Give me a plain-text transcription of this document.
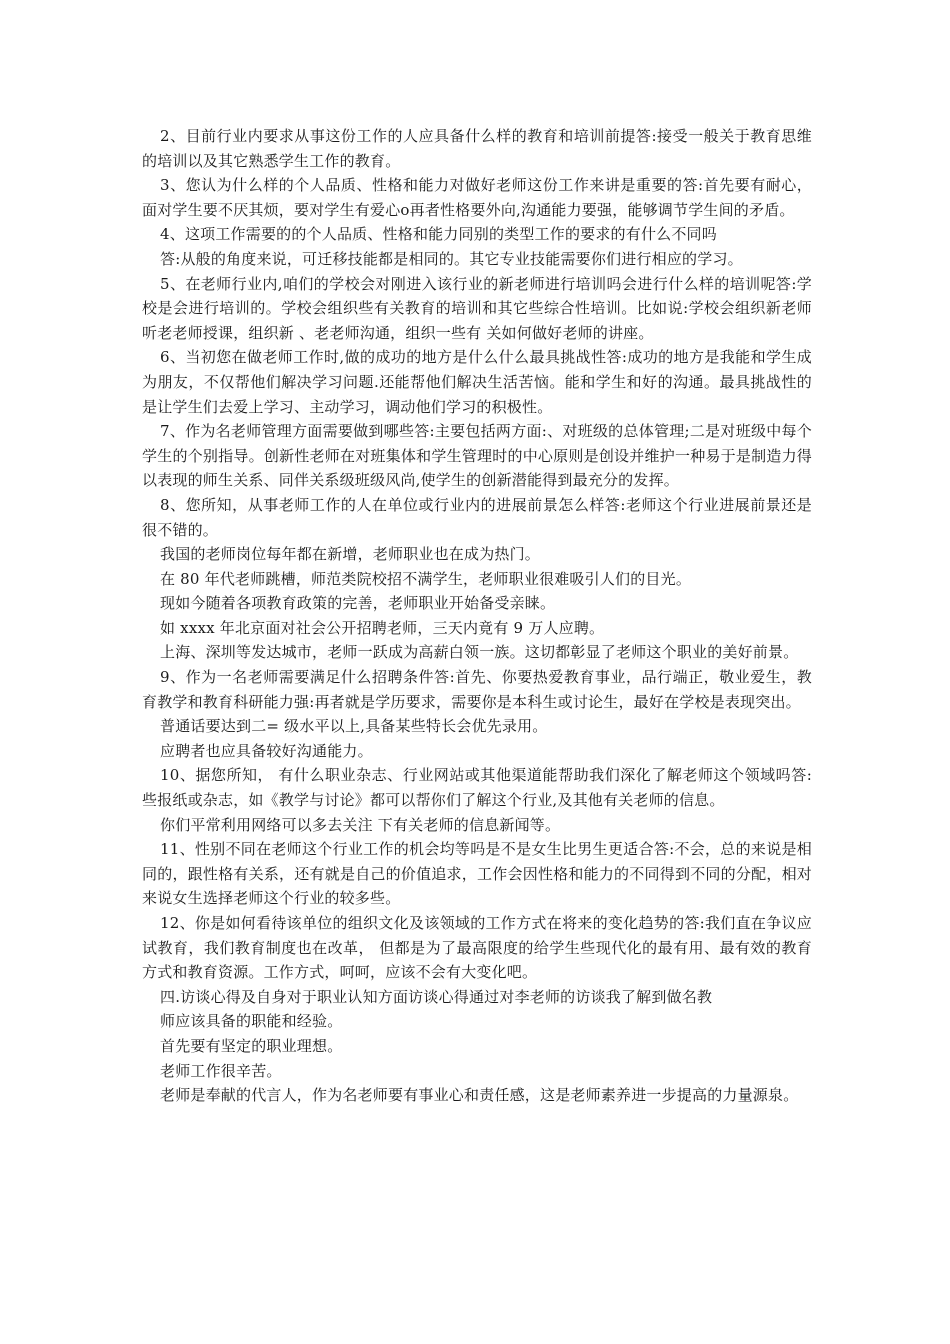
2、目前行业内要求从事这份工作的人应具备什么样的教育和培训前提答:接受一般关于教育思维的培训以及其它熟悉学生工作的教育。

3、您认为什么样的个人品质、性格和能力对做好老师这份工作来讲是重要的答:首先要有耐心，面对学生要不厌其烦，要对学生有爱心o再者性格要外向,沟通能力要强，能够调节学生间的矛盾。

4、这项工作需要的的个人品质、性格和能力同别的类型工作的要求的有什么不同吗

答:从般的角度来说，可迁移技能都是相同的。其它专业技能需要你们进行相应的学习。

5、在老师行业内,咱们的学校会对刚进入该行业的新老师进行培训吗会进行什么样的培训呢答:学校是会进行培训的。学校会组织些有关教育的培训和其它些综合性培训。比如说:学校会组织新老师听老老师授课，组织新 、老老师沟通，组织一些有 关如何做好老师的讲座。

6、当初您在做老师工作时,做的成功的地方是什么什么最具挑战性答:成功的地方是我能和学生成为朋友，不仅帮他们解决学习问题.还能帮他们解决生活苦恼。能和学生和好的沟通。最具挑战性的是让学生们去爱上学习、主动学习，调动他们学习的积极性。

7、作为名老师管理方面需要做到哪些答:主要包括两方面:、对班级的总体管理;二是对班级中每个学生的个别指导。创新性老师在对班集体和学生管理时的中心原则是创设并维护一种易于是制造力得以表现的师生关系、同伴关系级班级风尚,使学生的创新潜能得到最充分的发挥。

8、您所知，从事老师工作的人在单位或行业内的进展前景怎么样答:老师这个行业进展前景还是很不错的。

我国的老师岗位每年都在新增，老师职业也在成为热门。

在 80 年代老师跳槽，师范类院校招不满学生，老师职业很难吸引人们的目光。

现如今随着各项教育政策的完善，老师职业开始备受亲睐。

如 xxxx 年北京面对社会公开招聘老师，三天内竟有 9 万人应聘。

上海、深圳等发达城市，老师一跃成为高薪白领一族。这切都彰显了老师这个职业的美好前景。

9、作为一名老师需要满足什么招聘条件答:首先、你要热爱教育事业，品行端正，敬业爱生，教育教学和教育科研能力强:再者就是学历要求，需要你是本科生或讨论生，最好在学校是表现突出。

普通话要达到二= 级水平以上,具备某些特长会优先录用。

应聘者也应具备较好沟通能力。

10、据您所知， 有什么职业杂志、行业网站或其他渠道能帮助我们深化了解老师这个领域吗答:些报纸或杂志，如《教学与讨论》都可以帮你们了解这个行业,及其他有关老师的信息。

你们平常利用网络可以多去关注 下有关老师的信息新闻等。

11、性别不同在老师这个行业工作的机会均等吗是不是女生比男生更适合答:不会，总的来说是相同的，跟性格有关系，还有就是自己的价值追求，工作会因性格和能力的不同得到不同的分配，相对来说女生选择老师这个行业的较多些。

12、你是如何看待该单位的组织文化及该领域的工作方式在将来的变化趋势的答:我们直在争议应试教育，我们教育制度也在改革， 但都是为了最高限度的给学生些现代化的最有用、最有效的教育方式和教育资源。工作方式，呵呵，应该不会有大变化吧。

四.访谈心得及自身对于职业认知方面访谈心得通过对李老师的访谈我了解到做名教

师应该具备的职能和经验。

首先要有坚定的职业理想。

老师工作很辛苦。

老师是奉献的代言人，作为名老师要有事业心和责任感，这是老师素养进一步提高的力量源泉。
